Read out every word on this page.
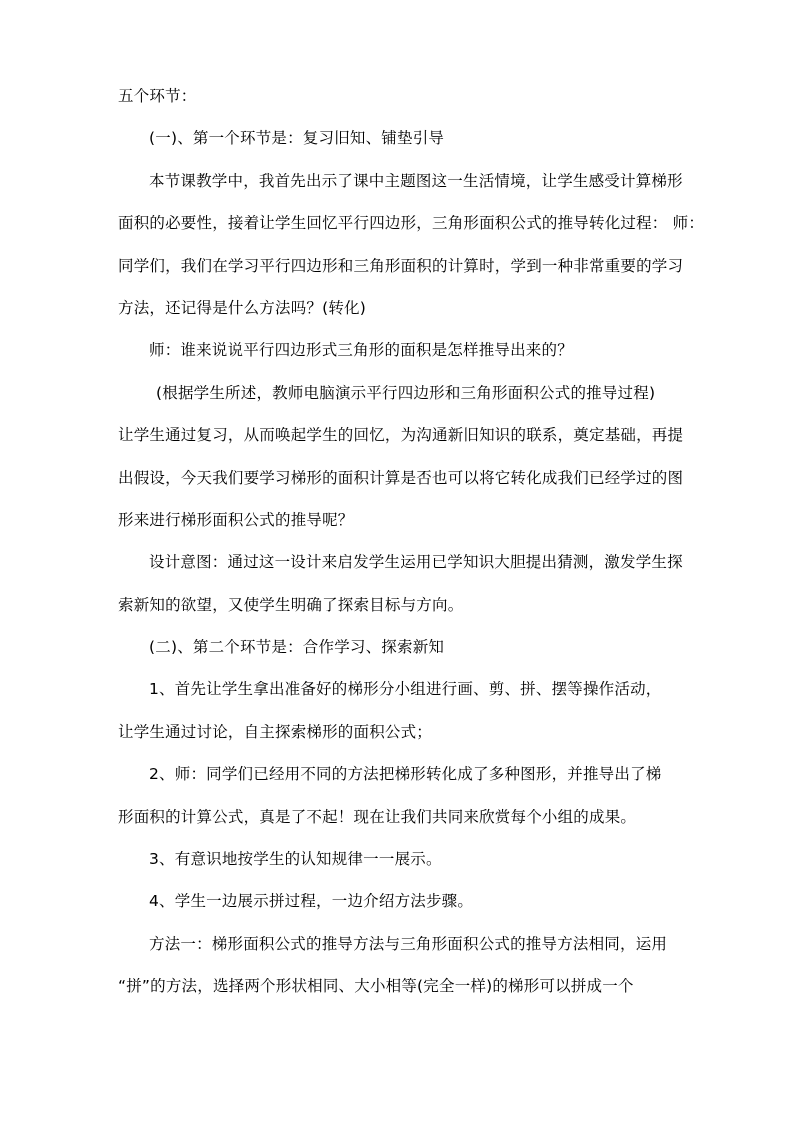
五个环节：
(一)、第一个环节是：复习旧知、铺垫引导
本节课教学中，我首先出示了课中主题图这一生活情境，让学生感受计算梯形
面积的必要性，接着让学生回忆平行四边形，三角形面积公式的推导转化过程： 师：
同学们，我们在学习平行四边形和三角形面积的计算时，学到一种非常重要的学习
方法，还记得是什么方法吗？(转化)
师：谁来说说平行四边形式三角形的面积是怎样推导出来的？
(根据学生所述，教师电脑演示平行四边形和三角形面积公式的推导过程)
让学生通过复习，从而唤起学生的回忆，为沟通新旧知识的联系，奠定基础，再提
出假设，今天我们要学习梯形的面积计算是否也可以将它转化成我们已经学过的图
形来进行梯形面积公式的推导呢？
设计意图：通过这一设计来启发学生运用已学知识大胆提出猜测，激发学生探
索新知的欲望，又使学生明确了探索目标与方向。
(二)、第二个环节是：合作学习、探索新知
1、首先让学生拿出准备好的梯形分小组进行画、剪、拼、摆等操作活动，
让学生通过讨论，自主探索梯形的面积公式；
2、师：同学们已经用不同的方法把梯形转化成了多种图形，并推导出了梯
形面积的计算公式，真是了不起！现在让我们共同来欣赏每个小组的成果。
3、有意识地按学生的认知规律一一展示。
4、学生一边展示拼过程，一边介绍方法步骤。
方法一：梯形面积公式的推导方法与三角形面积公式的推导方法相同，运用
“拼”的方法，选择两个形状相同、大小相等(完全一样)的梯形可以拼成一个
